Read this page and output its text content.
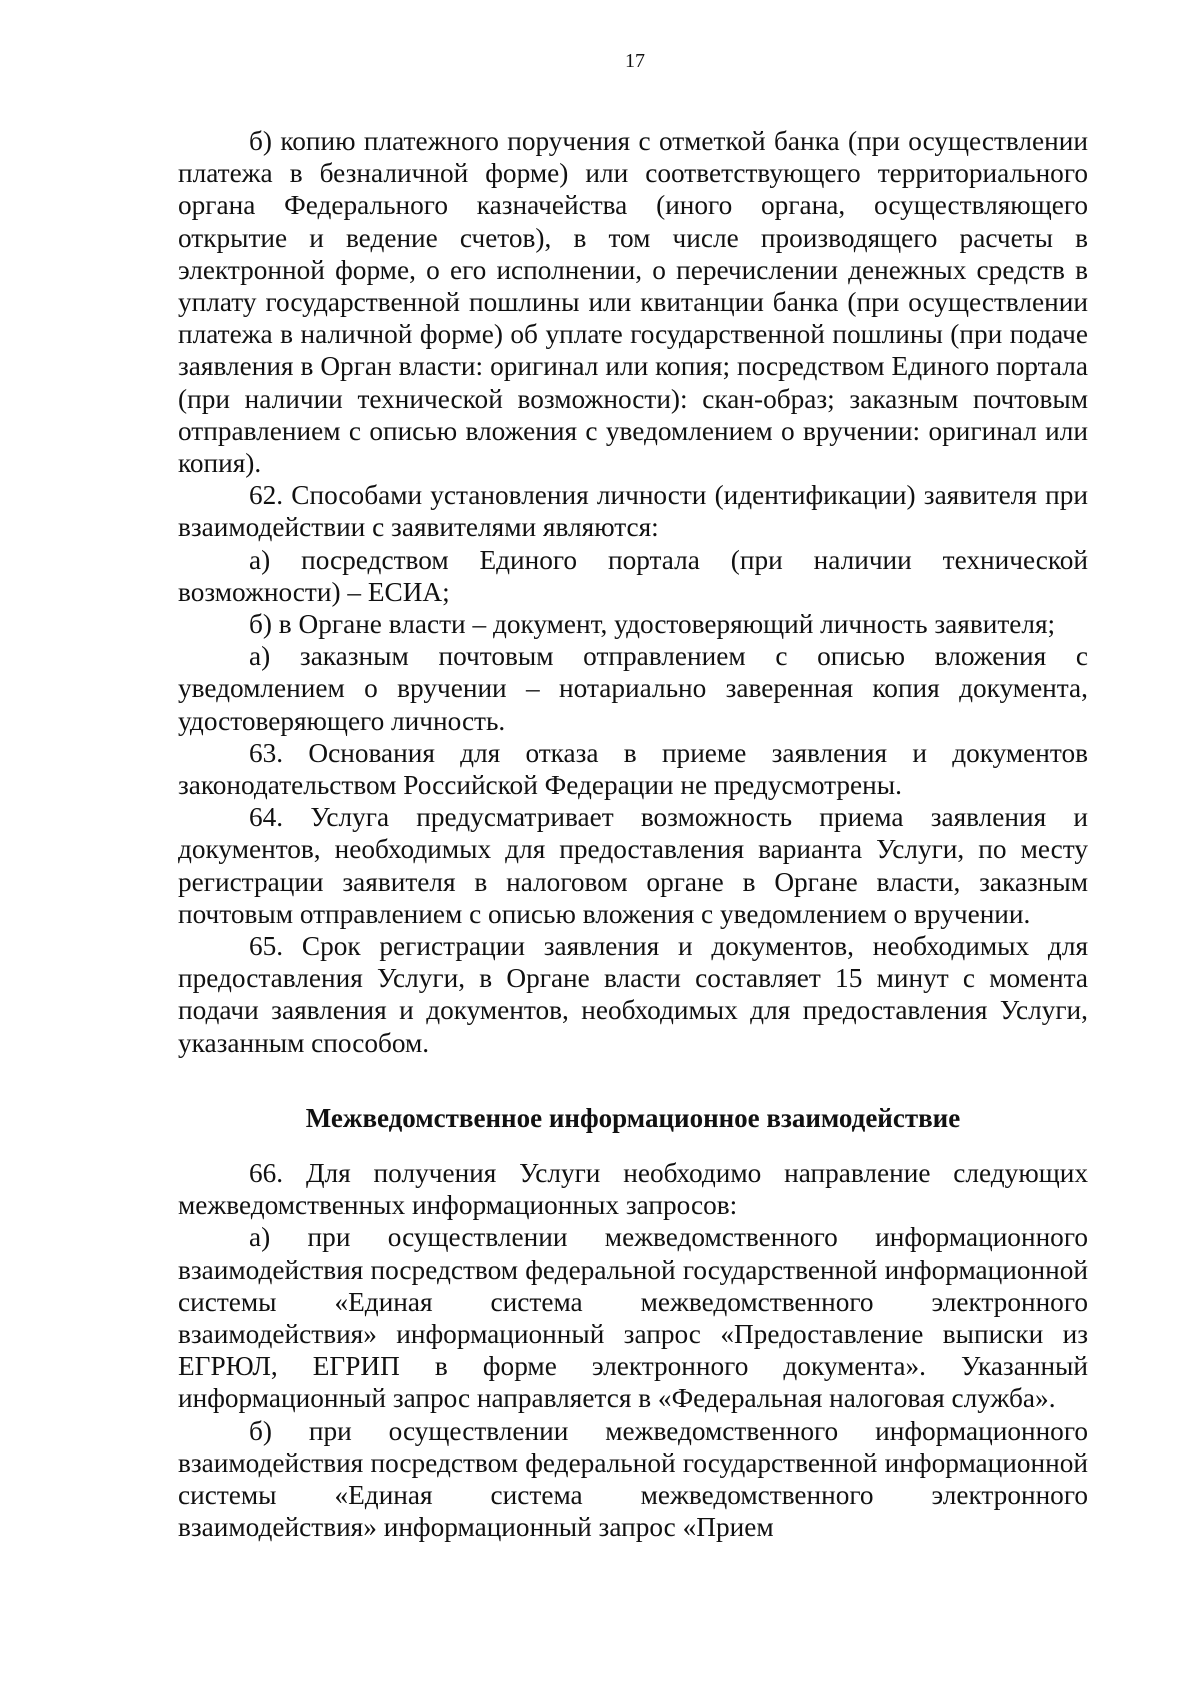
17

б) копию платежного поручения с отметкой банка (при осуществлении платежа в безналичной форме) или соответствующего территориального органа Федерального казначейства (иного органа, осуществляющего открытие и ведение счетов), в том числе производящего расчеты в электронной форме, о его исполнении, о перечислении денежных средств в уплату государственной пошлины или квитанции банка (при осуществлении платежа в наличной форме) об уплате государственной пошлины (при подаче заявления в Орган власти: оригинал или копия; посредством Единого портала (при наличии технической возможности): скан-образ; заказным почтовым отправлением с описью вложения с уведомлением о вручении: оригинал или копия).

62. Способами установления личности (идентификации) заявителя при взаимодействии с заявителями являются:

а) посредством Единого портала (при наличии технической возможности) – ЕСИА;

б) в Органе власти – документ, удостоверяющий личность заявителя;

а) заказным почтовым отправлением с описью вложения с уведомлением о вручении – нотариально заверенная копия документа, удостоверяющего личность.

63. Основания для отказа в приеме заявления и документов законодательством Российской Федерации не предусмотрены.

64. Услуга предусматривает возможность приема заявления и документов, необходимых для предоставления варианта Услуги, по месту регистрации заявителя в налоговом органе в Органе власти, заказным почтовым отправлением с описью вложения с уведомлением о вручении.

65. Срок регистрации заявления и документов, необходимых для предоставления Услуги, в Органе власти составляет 15 минут с момента подачи заявления и документов, необходимых для предоставления Услуги, указанным способом.

Межведомственное информационное взаимодействие

66. Для получения Услуги необходимо направление следующих межведомственных информационных запросов:

а) при осуществлении межведомственного информационного взаимодействия посредством федеральной государственной информационной системы «Единая система межведомственного электронного взаимодействия» информационный запрос «Предоставление выписки из ЕГРЮЛ, ЕГРИП в форме электронного документа». Указанный информационный запрос направляется в «Федеральная налоговая служба».

б) при осуществлении межведомственного информационного взаимодействия посредством федеральной государственной информационной системы «Единая система межведомственного электронного взаимодействия» информационный запрос «Прием
